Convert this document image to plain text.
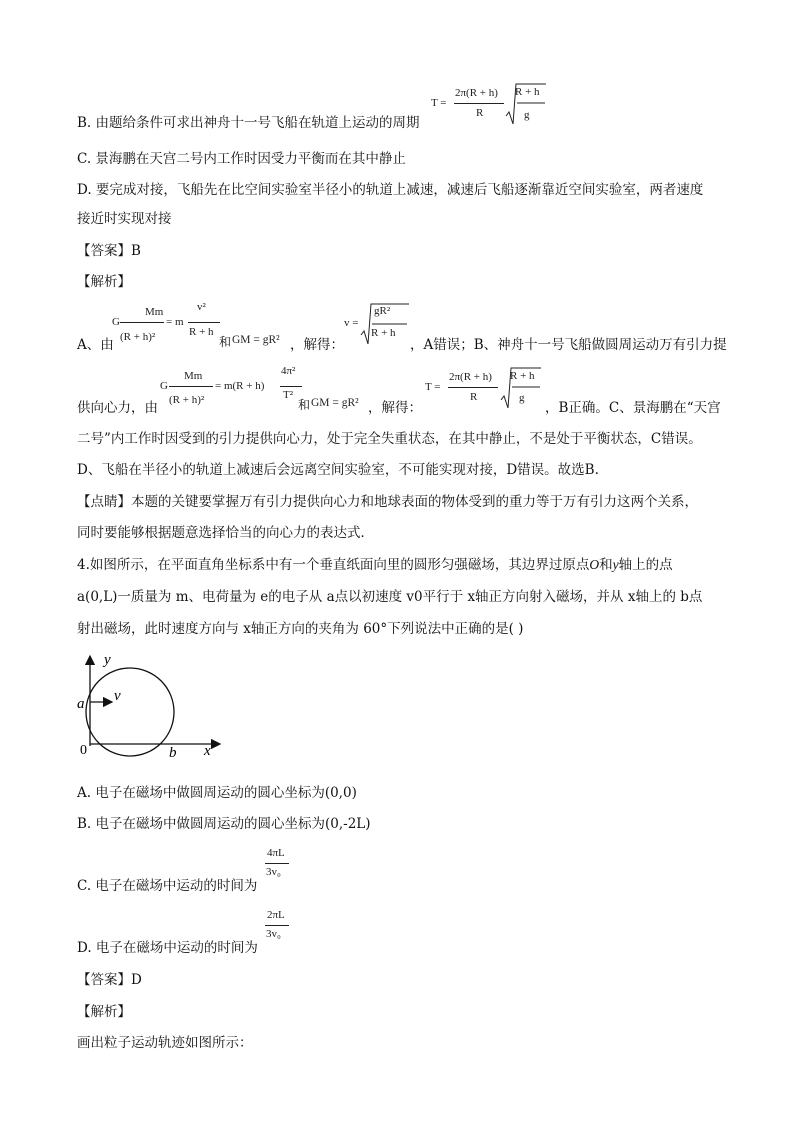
B. 由题给条件可求出神舟十一号飞船在轨道上运动的周期
T =
2π(R + h)
R
R + h
g
C. 景海鹏在天宫二号内工作时因受力平衡而在其中静止
D. 要完成对接，飞船先在比空间实验室半径小的轨道上减速，减速后飞船逐渐靠近空间实验室，两者速度
接近时实现对接
【答案】B
【解析】
A、由
G
Mm
(R + h)²
= m
v²
R + h
和 GM = gR² ，解得：
v =
gR²
R + h
，A错误；B、神舟十一号飞船做圆周运动万有引力提
供向心力，由
G
Mm
(R + h)²
= m(R + h)
4π²
T²
和 GM = gR² ，解得：
T =
2π(R + h)
R
R + h
g
，B正确。C、景海鹏在“天宫
二号”内工作时因受到的引力提供向心力，处于完全失重状态，在其中静止，不是处于平衡状态，C错误。
D、飞船在半径小的轨道上减速后会远离空间实验室，不可能实现对接，D错误。故选B.
【点睛】本题的关键要掌握万有引力提供向心力和地球表面的物体受到的重力等于万有引力这两个关系，
同时要能够根据题意选择恰当的向心力的表达式．
4.如图所示，在平面直角坐标系中有一个垂直纸面向里的圆形匀强磁场，其边界过原点O和y轴上的点
a(0,L)一质量为 m、电荷量为 e的电子从 a点以初速度 v0平行于 x轴正方向射入磁场，并从 x轴上的 b点
射出磁场，此时速度方向与 x轴正方向的夹角为 60°下列说法中正确的是( )
y
a v
0	b x
A. 电子在磁场中做圆周运动的圆心坐标为(0,0)
B. 电子在磁场中做圆周运动的圆心坐标为(0,-2L)
C. 电子在磁场中运动的时间为
4πL
3v₀
D. 电子在磁场中运动的时间为
2πL
3v₀
【答案】D
【解析】
画出粒子运动轨迹如图所示：
